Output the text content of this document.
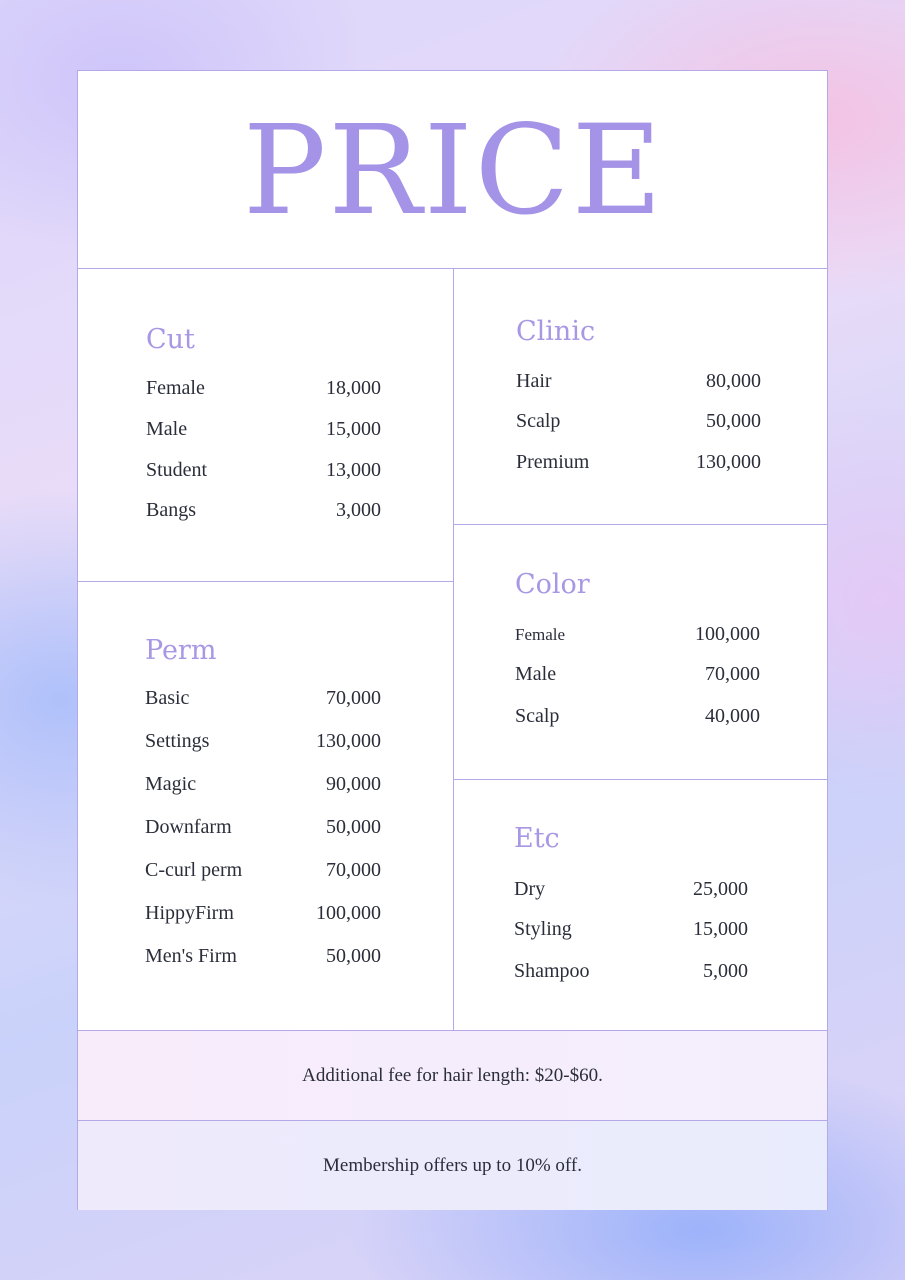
PRICE
Cut
Female	18,000
Male	15,000
Student	13,000
Bangs	3,000
Clinic
Hair	80,000
Scalp	50,000
Premium	130,000
Perm
Basic	70,000
Settings	130,000
Magic	90,000
Downfarm	50,000
C-curl perm	70,000
HippyFirm	100,000
Men's Firm	50,000
Color
Female	100,000
Male	70,000
Scalp	40,000
Etc
Dry	25,000
Styling	15,000
Shampoo	5,000
Additional fee for hair length: $20-$60.
Membership offers up to 10% off.
